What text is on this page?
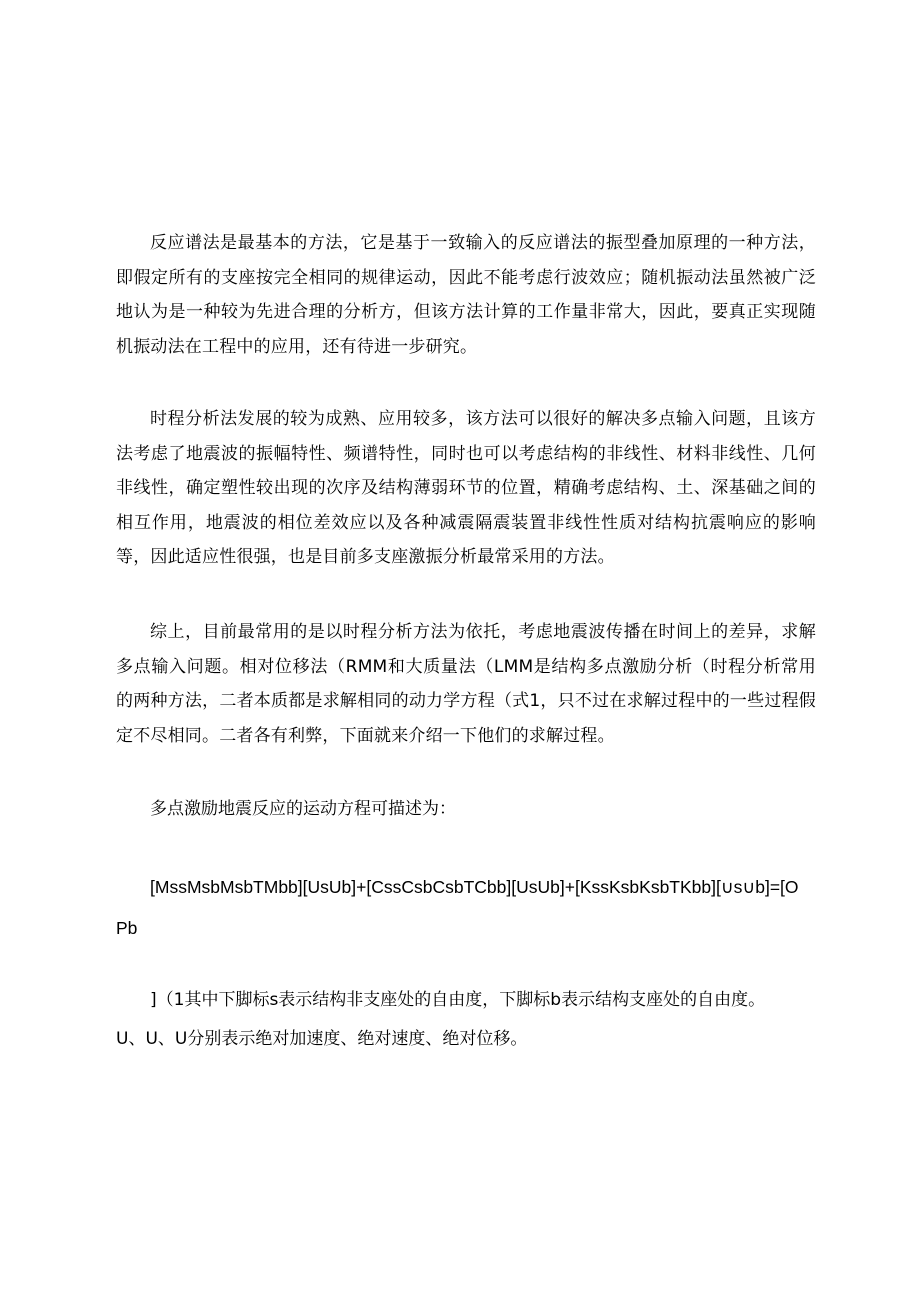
反应谱法是最基本的方法，它是基于一致输入的反应谱法的振型叠加原理的一种方法，即假定所有的支座按完全相同的规律运动，因此不能考虑行波效应；随机振动法虽然被广泛地认为是一种较为先进合理的分析方，但该方法计算的工作量非常大，因此，要真正实现随机振动法在工程中的应用，还有待进一步研究。

时程分析法发展的较为成熟、应用较多，该方法可以很好的解决多点输入问题，且该方法考虑了地震波的振幅特性、频谱特性，同时也可以考虑结构的非线性、材料非线性、几何非线性，确定塑性较出现的次序及结构薄弱环节的位置，精确考虑结构、土、深基础之间的相互作用，地震波的相位差效应以及各种减震隔震装置非线性性质对结构抗震响应的影响等，因此适应性很强，也是目前多支座激振分析最常采用的方法。

综上，目前最常用的是以时程分析方法为依托，考虑地震波传播在时间上的差异，求解多点输入问题。相对位移法（RMM和大质量法（LMM是结构多点激励分析（时程分析常用的两种方法，二者本质都是求解相同的动力学方程（式1，只不过在求解过程中的一些过程假定不尽相同。二者各有利弊，下面就来介绍一下他们的求解过程。

多点激励地震反应的运动方程可描述为：

[MssMsbMsbTMbb][UsUb]+[CssCsbCsbTCbb][UsUb]+[KssKsbKsbTKbb][∪s∪b]=[O

Pb

]（1其中下脚标s表示结构非支座处的自由度，下脚标b表示结构支座处的自由度。

U、U、U分别表示绝对加速度、绝对速度、绝对位移。
